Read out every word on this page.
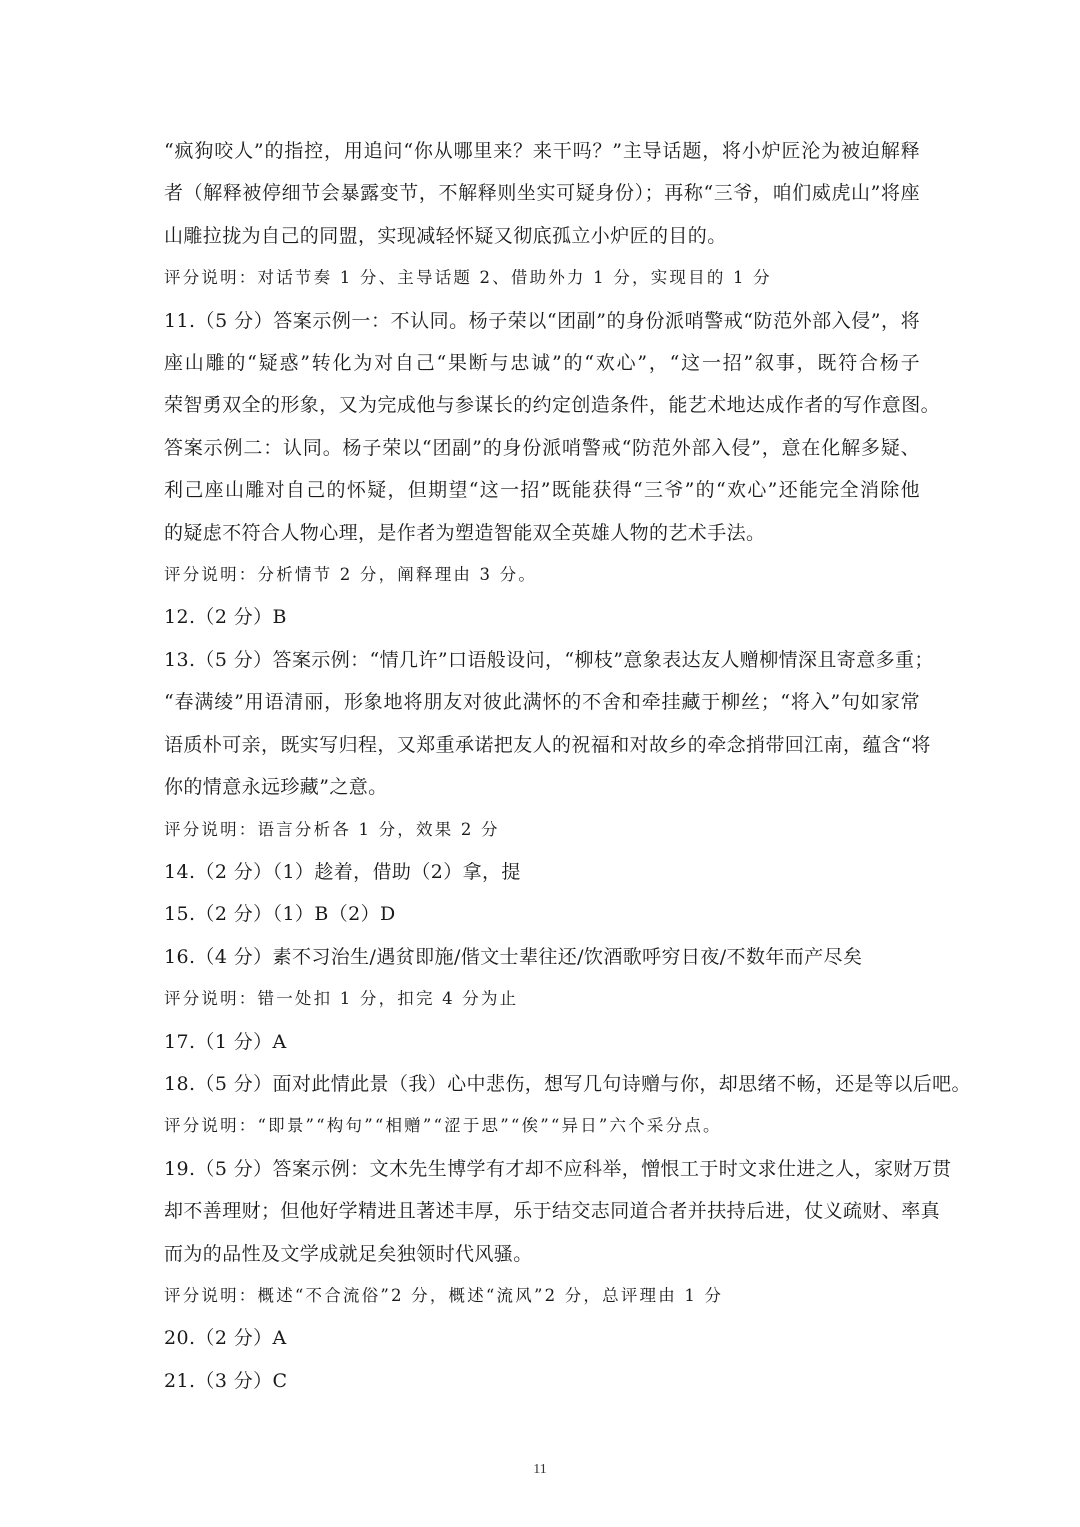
“疯狗咬人”的指控，用追问“你从哪里来？来干吗？”主导话题，将小炉匠沦为被迫解释
者（解释被停细节会暴露变节，不解释则坐实可疑身份）；再称“三爷，咱们威虎山”将座
山雕拉拢为自己的同盟，实现减轻怀疑又彻底孤立小炉匠的目的。
评分说明：对话节奏 1 分、主导话题 2、借助外力 1 分，实现目的 1 分
11.（5 分）答案示例一：不认同。杨子荣以“团副”的身份派哨警戒“防范外部入侵”，将
座山雕的“疑惑”转化为对自己“果断与忠诚”的“欢心”，“这一招”叙事，既符合杨子
荣智勇双全的形象，又为完成他与参谋长的约定创造条件，能艺术地达成作者的写作意图。
答案示例二：认同。杨子荣以“团副”的身份派哨警戒“防范外部入侵”，意在化解多疑、
利己座山雕对自己的怀疑，但期望“这一招”既能获得“三爷”的“欢心”还能完全消除他
的疑虑不符合人物心理，是作者为塑造智能双全英雄人物的艺术手法。
评分说明：分析情节 2 分，阐释理由 3 分。
12.（2 分）B
13.（5 分）答案示例：“情几许”口语般设问，“柳枝”意象表达友人赠柳情深且寄意多重；
“春满绫”用语清丽，形象地将朋友对彼此满怀的不舍和牵挂藏于柳丝；“将入”句如家常
语质朴可亲，既实写归程，又郑重承诺把友人的祝福和对故乡的牵念捎带回江南，蕴含“将
你的情意永远珍藏”之意。
评分说明：语言分析各 1 分，效果 2 分
14.（2 分）（1）趁着，借助（2）拿，提
15.（2 分）（1）B（2）D
16.（4 分）素不习治生/遇贫即施/偕文士辈往还/饮酒歌呼穷日夜/不数年而产尽矣
评分说明：错一处扣 1 分，扣完 4 分为止
17.（1 分）A
18.（5 分）面对此情此景（我）心中悲伤，想写几句诗赠与你，却思绪不畅，还是等以后吧。
评分说明：“即景”“构句”“相赠”“涩于思”“俟”“异日”六个采分点。
19.（5 分）答案示例：文木先生博学有才却不应科举，憎恨工于时文求仕进之人，家财万贯
却不善理财；但他好学精进且著述丰厚，乐于结交志同道合者并扶持后进，仗义疏财、率真
而为的品性及文学成就足矣独领时代风骚。
评分说明：概述“不合流俗”2 分，概述“流风”2 分，总评理由 1 分
20.（2 分）A
21.（3 分）C
11
